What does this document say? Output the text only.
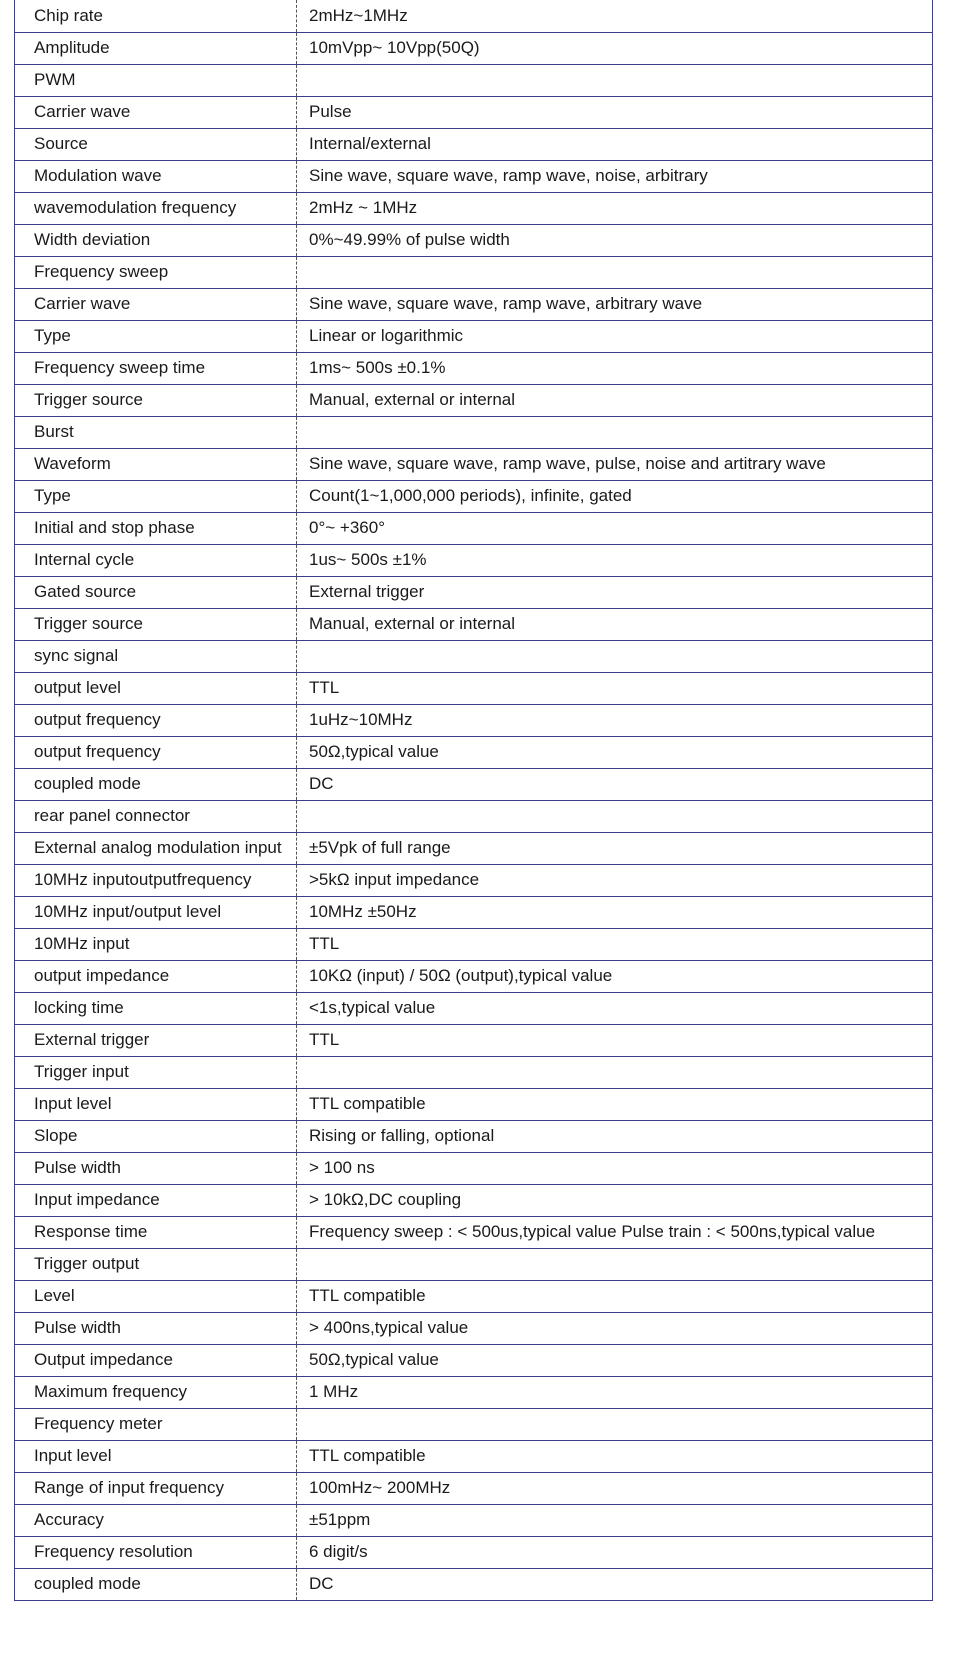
Chip rate	2mHz~1MHz
Amplitude	10mVpp~ 10Vpp(50Q)
PWM	
Carrier wave	Pulse
Source	Internal/external
Modulation wave	Sine wave, square wave, ramp wave, noise, arbitrary
wavemodulation frequency	2mHz ~ 1MHz
Width deviation	0%~49.99% of pulse width
Frequency sweep	
Carrier wave	Sine wave, square wave, ramp wave, arbitrary wave
Type	Linear or logarithmic
Frequency sweep time	1ms~ 500s ±0.1%
Trigger source	Manual, external or internal
Burst	
Waveform	Sine wave, square wave, ramp wave, pulse, noise and artitrary wave
Type	Count(1~1,000,000 periods), infinite, gated
Initial and stop phase	0°~ +360°
Internal cycle	1us~ 500s ±1%
Gated source	External trigger
Trigger source	Manual, external or internal
sync signal	
output level	TTL
output frequency	1uHz~10MHz
output frequency	50Ω,typical value
coupled mode	DC
rear panel connector	
External analog modulation input	±5Vpk of full range
10MHz inputoutputfrequency	>5kΩ input impedance
10MHz input/output level	10MHz ±50Hz
10MHz input	TTL
output impedance	10KΩ (input) / 50Ω (output),typical value
locking time	<1s,typical value
External trigger	TTL
Trigger input	
Input level	TTL compatible
Slope	Rising or falling, optional
Pulse width	> 100 ns
Input impedance	> 10kΩ,DC coupling
Response time	Frequency sweep : < 500us,typical value Pulse train : < 500ns,typical value
Trigger output	
Level	TTL compatible
Pulse width	> 400ns,typical value
Output impedance	50Ω,typical value
Maximum frequency	1 MHz
Frequency meter	
Input level	TTL compatible
Range of input frequency	100mHz~ 200MHz
Accuracy	±51ppm
Frequency resolution	6 digit/s
coupled mode	DC
